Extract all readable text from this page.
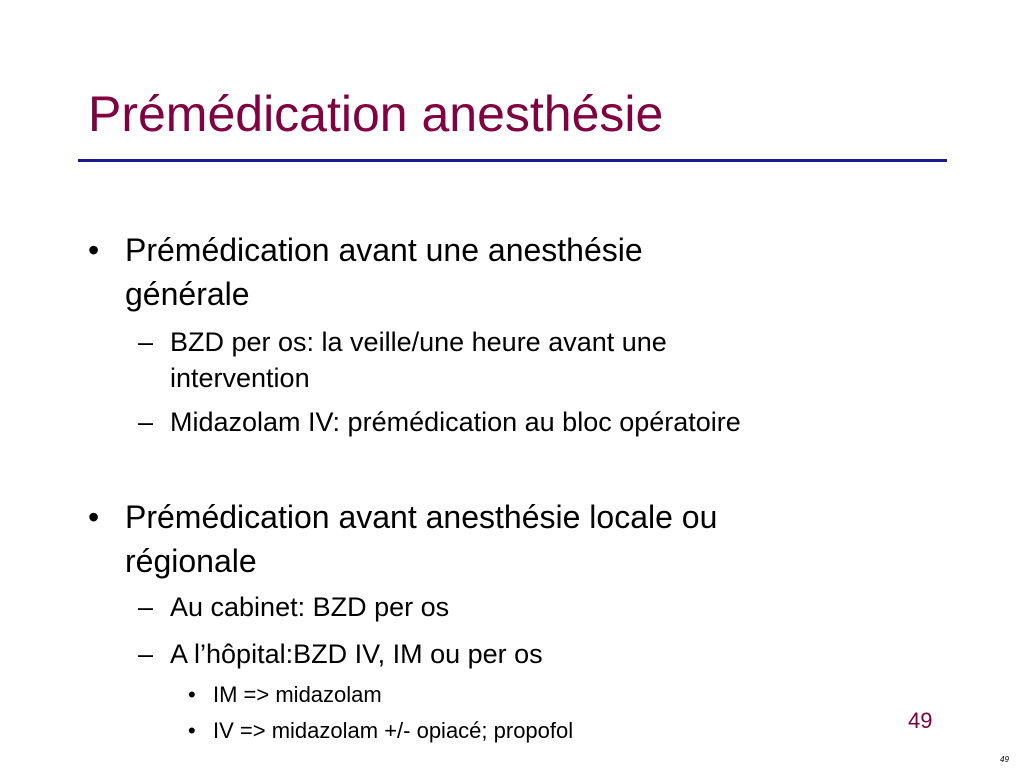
Prémédication anesthésie
• Prémédication avant une anesthésie
générale
– BZD per os: la veille/une heure avant une
intervention
– Midazolam IV: prémédication au bloc opératoire
• Prémédication avant anesthésie locale ou
régionale
– Au cabinet: BZD per os
– A l’hôpital:BZD IV, IM ou per os
• IM => midazolam
• IV => midazolam +/- opiacé; propofol	49
49
